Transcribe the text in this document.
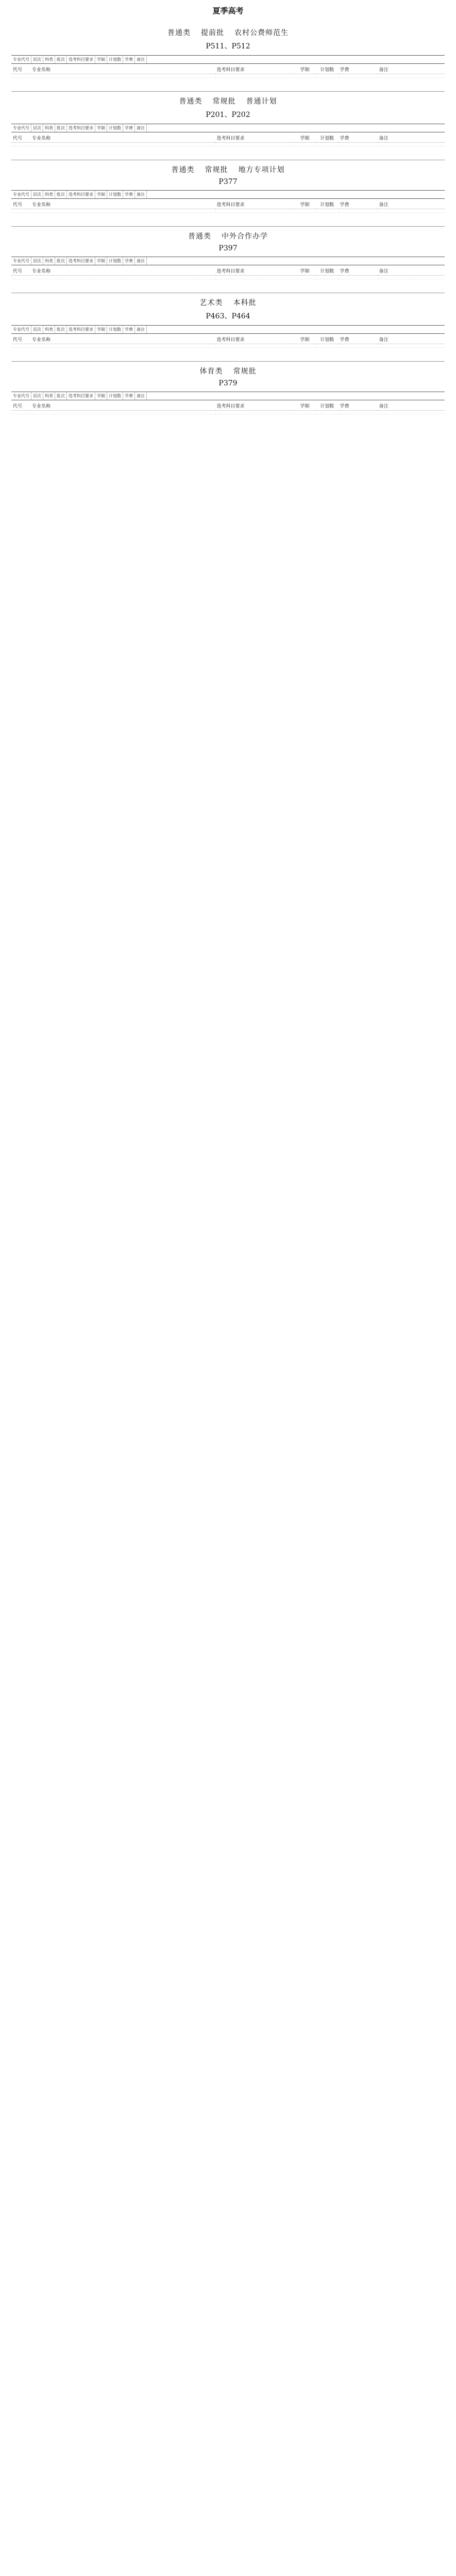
夏季高考
普通类 提前批 农村公费师范生
P511、P512
专业代号 层次 科类 批次 选考科目要求 学制 计划数 学费 备注
代号	专业名称	选考科目要求	学制	计划数	学费	备注

普通类 常规批 普通计划
P201、P202
专业代号 层次 科类 批次 选考科目要求 学制 计划数 学费 备注
代号	专业名称	选考科目要求	学制	计划数	学费	备注

普通类 常规批 地方专项计划
P377
专业代号 层次 科类 批次 选考科目要求 学制 计划数 学费 备注
代号	专业名称	选考科目要求	学制	计划数	学费	备注

普通类 中外合作办学
P397
专业代号 层次 科类 批次 选考科目要求 学制 计划数 学费 备注
代号	专业名称	选考科目要求	学制	计划数	学费	备注

艺术类 本科批
P463、P464
专业代号 层次 科类 批次 选考科目要求 学制 计划数 学费 备注
代号	专业名称	选考科目要求	学制	计划数	学费	备注

体育类 常规批
P379
专业代号 层次 科类 批次 选考科目要求 学制 计划数 学费 备注
代号	专业名称	选考科目要求	学制	计划数	学费	备注
